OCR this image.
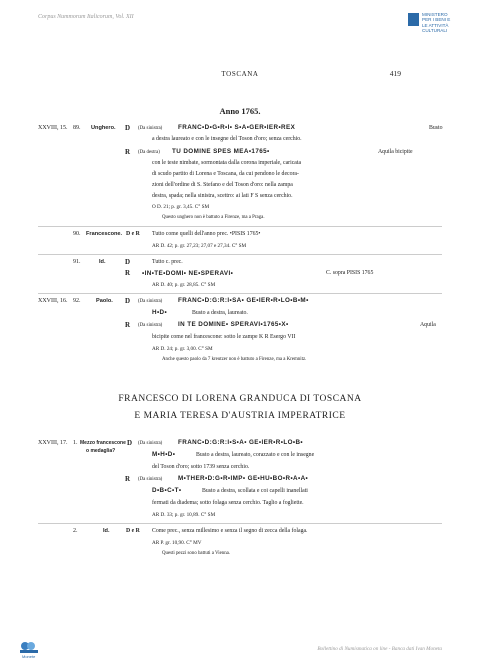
Corpus Nummorum Italicorum, Vol. XII	MINISTERO
PER I BENI E
LE ATTIVITÀ
CULTURALI
TOSCANA	419
Anno 1765.
XXVIII, 15. 89. Unghero. D (Da sinistra) FRANC•D•G•R•I• S•A•GER•IER•REX	Busto
a destra laureato e con le insegne del Toson d'oro; senza cerchio.
R (Da destra) TU DOMINE SPES MEA•1765•	Aquila bicipite
con le teste nimbate, sormontata dalla corona imperiale, caricata
di scudo partito di Lorena e Toscana, da cui pendono le decora-
zioni dell'ordine di S. Stefano e del Toson d'oro: nella zampa
destra, spada; nella sinistra, scettro: ai lati F S senza cerchio.
O D. 21; p. gr. 3,45. C° SM
Questo unghero non è battuto a Firenze, ma a Praga.
90. Francescone. D e R Tutto come quelli dell'anno prec. •PISIS 1765•
AR D. 42; p. gr. 27,23; 27,07 e 27,34. C° SM
91.	Id.	D	Tutto c. prec.
R •IN•TE•DOMI• NE•SPERAVI•	C. sopra PISIS 1765
AR D. 40; p. gr. 28,85. C° SM
XXVIII, 16. 92.	Paolo. D (Da sinistra) FRANC•D:G:R:I•SA• GE•IER•R•LO•B•M•
H•D•	Busto a destra, laureato.
R (Da sinistra) IN TE DOMINE• SPERAVI•1765•X•	Aquila
bicipite come nel francescone: sotto le zampe K R Esergo VII
AR D. 24; p. gr. 3,00. C° SM
Anche questo paolo da 7 kreutzer non è battuto a Firenze, ma a Kremnitz.
FRANCESCO DI LORENA GRANDUCA DI TOSCANA
E MARIA TERESA D'AUSTRIA IMPERATRICE
XXVIII, 17. 1. Mezzo francescone
o medaglia?
D (Da sinistra) FRANC•D:G:R:I•S•A• GE•IER•R•LO•B•
M•H•D•	Busto a destra, laureato, corazzato e con le insegne
del Toson d'oro; sotto 1739 senza cerchio.
R (Da sinistra) M•THER•D:G•R•IMP• GE•HU•BO•R•A•A•
D•B•C•T•	Busto a destra, scollata e coi capelli inanellati
fermati da diadema; sotto folaga senza cerchio. Taglio a fogliette.
AR D. 33; p. gr. 10,89. C° SM
2.	Id.	D e R Come prec., senza millesimo e senza il segno di zecca della folaga.
AR P. gr. 10,90. C° MV
Questi pezzi sono battuti a Vienna.
Monete
Bollettino di Numismatica on line - Banca dati Ivan Moneta
